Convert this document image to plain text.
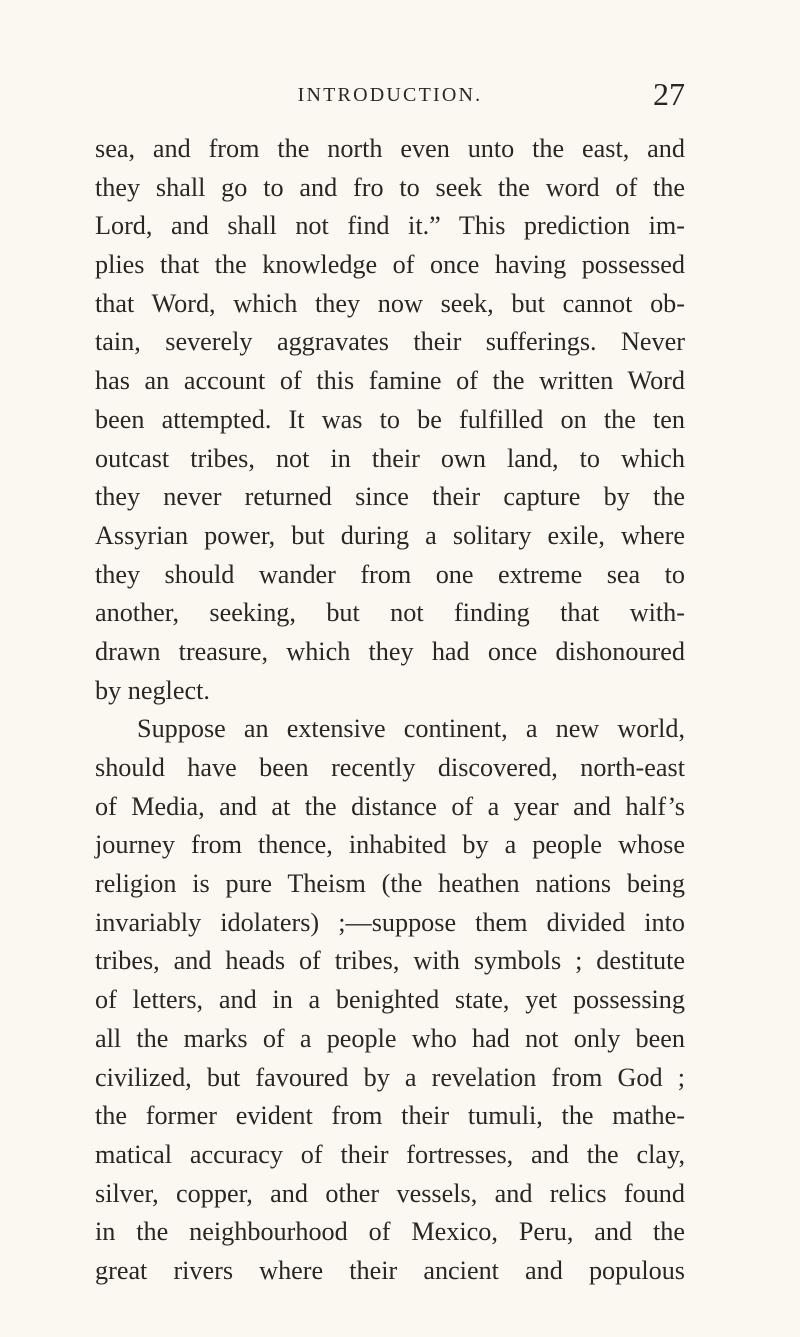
INTRODUCTION.	27
sea, and from the north even unto the east, and
they shall go to and fro to seek the word of the
Lord, and shall not find it.” This prediction im-
plies that the knowledge of once having possessed
that Word, which they now seek, but cannot ob-
tain, severely aggravates their sufferings. Never
has an account of this famine of the written Word
been attempted. It was to be fulfilled on the ten
outcast tribes, not in their own land, to which
they never returned since their capture by the
Assyrian power, but during a solitary exile, where
they should wander from one extreme sea to
another, seeking, but not finding that with-
drawn treasure, which they had once dishonoured
by neglect.
Suppose an extensive continent, a new world,
should have been recently discovered, north-east
of Media, and at the distance of a year and half’s
journey from thence, inhabited by a people whose
religion is pure Theism (the heathen nations being
invariably idolaters) ;—suppose them divided into
tribes, and heads of tribes, with symbols ; destitute
of letters, and in a benighted state, yet possessing
all the marks of a people who had not only been
civilized, but favoured by a revelation from God ;
the former evident from their tumuli, the mathe-
matical accuracy of their fortresses, and the clay,
silver, copper, and other vessels, and relics found
in the neighbourhood of Mexico, Peru, and the
great rivers where their ancient and populous
